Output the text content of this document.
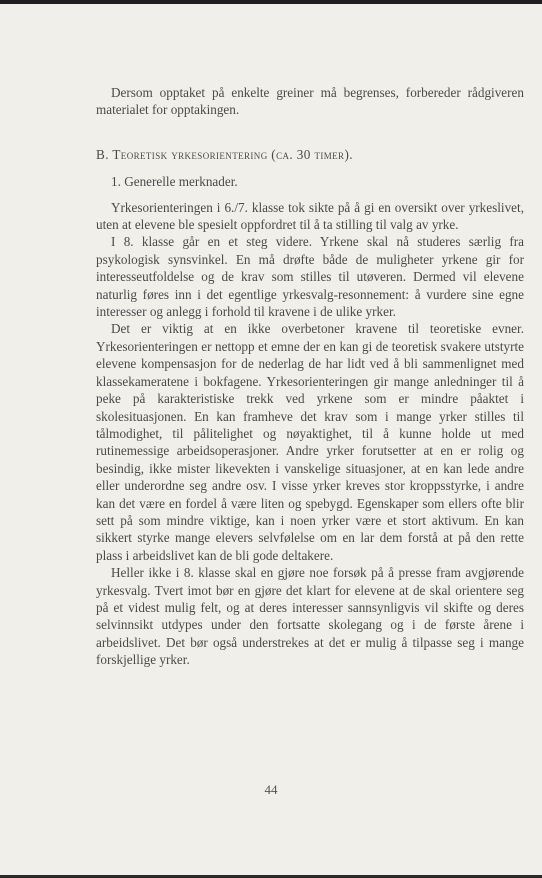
Dersom opptaket på enkelte greiner må begrenses, forbereder rådgiveren materialet for opptakingen.

B. Teoretisk yrkesorientering (ca. 30 timer).

1. Generelle merknader.

Yrkesorienteringen i 6./7. klasse tok sikte på å gi en oversikt over yrkeslivet, uten at elevene ble spesielt oppfordret til å ta stilling til valg av yrke.

I 8. klasse går en et steg videre. Yrkene skal nå studeres særlig fra psykologisk synsvinkel. En må drøfte både de muligheter yrkene gir for interesseutfoldelse og de krav som stilles til utøveren. Dermed vil elevene naturlig føres inn i det egentlige yrkesvalg-resonnement: å vurdere sine egne interesser og anlegg i forhold til kravene i de ulike yrker.

Det er viktig at en ikke overbetoner kravene til teoretiske evner. Yrkesorienteringen er nettopp et emne der en kan gi de teoretisk svakere utstyrte elevene kompensasjon for de nederlag de har lidt ved å bli sammenlignet med klassekameratene i bokfagene. Yrkesorienteringen gir mange anledninger til å peke på karakteristiske trekk ved yrkene som er mindre påaktet i skolesituasjonen. En kan framheve det krav som i mange yrker stilles til tålmodighet, til pålitelighet og nøyaktighet, til å kunne holde ut med rutinemessige arbeidsoperasjoner. Andre yrker forutsetter at en er rolig og besindig, ikke mister likevekten i vanskelige situasjoner, at en kan lede andre eller underordne seg andre osv. I visse yrker kreves stor kroppsstyrke, i andre kan det være en fordel å være liten og spebygd. Egenskaper som ellers ofte blir sett på som mindre viktige, kan i noen yrker være et stort aktivum. En kan sikkert styrke mange elevers selvfølelse om en lar dem forstå at på den rette plass i arbeidslivet kan de bli gode deltakere.

Heller ikke i 8. klasse skal en gjøre noe forsøk på å presse fram avgjørende yrkesvalg. Tvert imot bør en gjøre det klart for elevene at de skal orientere seg på et videst mulig felt, og at deres interesser sannsynligvis vil skifte og deres selvinnsikt utdypes under den fortsatte skolegang og i de første årene i arbeidslivet. Det bør også understrekes at det er mulig å tilpasse seg i mange forskjellige yrker.

44
